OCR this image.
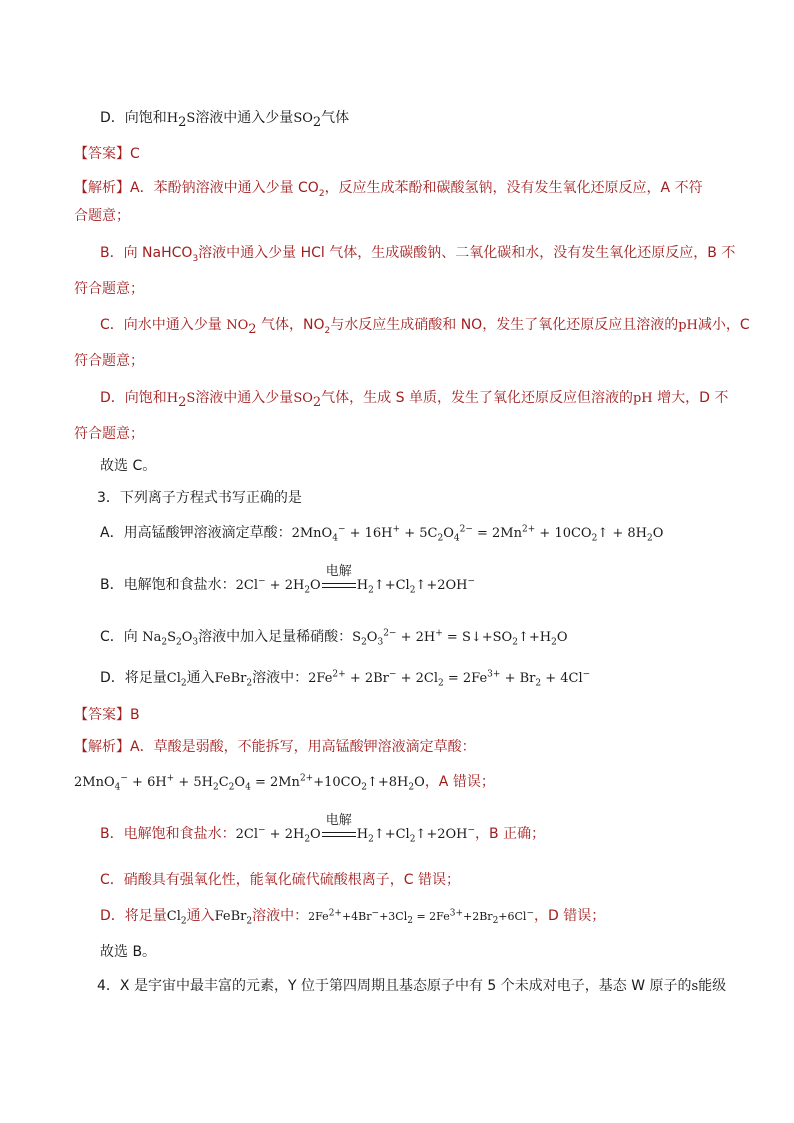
D．向饱和$H_2S$溶液中通入少量$SO_2$气体
【答案】C
【解析】A．苯酚钠溶液中通入少量 $CO_2$，反应生成苯酚和碳酸氢钠，没有发生氧化还原反应，A 不符
合题意；
B．向 NaHCO$_3$溶液中通入少量 HCl 气体，生成碳酸钠、二氧化碳和水，没有发生氧化还原反应，B 不
符合题意；
C．向水中通入少量 $NO_2$ 气体，$NO_2$与水反应生成硝酸和 NO，发生了氧化还原反应且溶液的pH减小，C
符合题意；
D．向饱和$H_2S$溶液中通入少量$SO_2$气体，生成 S 单质，发生了氧化还原反应但溶液的pH 增大，D 不
符合题意；
故选 C。
3．下列离子方程式书写正确的是
A．用高锰酸钾溶液滴定草酸：$2MnO_4^- + 16H^+ + 5C_2O_4^{2-} = 2Mn^{2+}$ + $10CO_2↑ + 8H_2O$
B．电解饱和食盐水：$2Cl^- + 2H_2O$
电解
$H_2↑+Cl_2↑+2OH^-$
C．向 $Na_2S_2O_3$溶液中加入足量稀硝酸：$S_2O_3^{2-} + 2H^+$ = $S↓+SO_2↑+H_2O$
D．将足量$Cl_2$通入FeBr$_2$溶液中：$2Fe^{2+} + 2Br^- + 2Cl_2 = 2Fe^{3+} + Br_2 + 4Cl^-$
【答案】B
【解析】A．草酸是弱酸，不能拆写，用高锰酸钾溶液滴定草酸：
$2MnO_4^- + 6H^+ + 5H_2C_2O_4$ = $2Mn^{2+}+10CO_2↑+8H_2O$，A 错误；
B．电解饱和食盐水：$2Cl^- + 2H_2O$
电解
$H_2↑+Cl_2↑+2OH^-$，B 正确；
C．硝酸具有强氧化性，能氧化硫代硫酸根离子，C 错误；
D．将足量$Cl_2$通入FeBr$_2$溶液中：$2Fe^{2+}+4Br^-+3Cl_2 = 2Fe^{3+}+2Br_2+6Cl^-$，D 错误；
故选 B。
4．X 是宇宙中最丰富的元素，Y 位于第四周期且基态原子中有 5 个未成对电子，基态 W 原子的s能级
